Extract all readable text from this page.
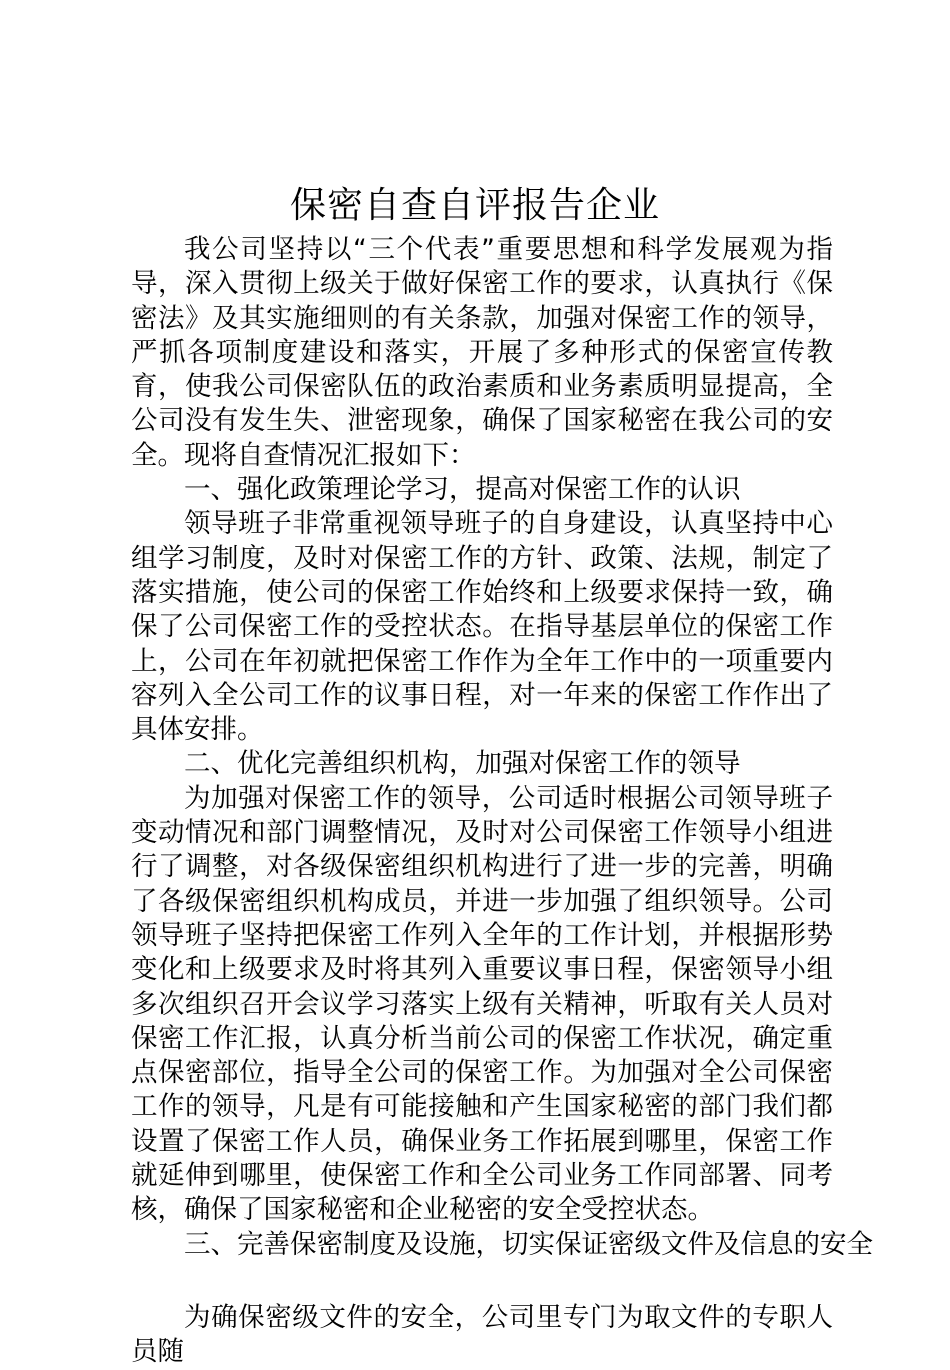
保密自查自评报告企业

我公司坚持以“三个代表”重要思想和科学发展观为指导，深入贯彻上级关于做好保密工作的要求，认真执行《保密法》及其实施细则的有关条款，加强对保密工作的领导，严抓各项制度建设和落实，开展了多种形式的保密宣传教育，使我公司保密队伍的政治素质和业务素质明显提高，全公司没有发生失、泄密现象，确保了国家秘密在我公司的安全。现将自查情况汇报如下：

一、强化政策理论学习，提高对保密工作的认识

领导班子非常重视领导班子的自身建设，认真坚持中心组学习制度，及时对保密工作的方针、政策、法规，制定了落实措施，使公司的保密工作始终和上级要求保持一致，确保了公司保密工作的受控状态。在指导基层单位的保密工作上，公司在年初就把保密工作作为全年工作中的一项重要内容列入全公司工作的议事日程，对一年来的保密工作作出了具体安排。

二、优化完善组织机构，加强对保密工作的领导

为加强对保密工作的领导，公司适时根据公司领导班子变动情况和部门调整情况，及时对公司保密工作领导小组进行了调整，对各级保密组织机构进行了进一步的完善，明确了各级保密组织机构成员，并进一步加强了组织领导。公司领导班子坚持把保密工作列入全年的工作计划，并根据形势变化和上级要求及时将其列入重要议事日程，保密领导小组多次组织召开会议学习落实上级有关精神，听取有关人员对保密工作汇报，认真分析当前公司的保密工作状况，确定重点保密部位，指导全公司的保密工作。为加强对全公司保密工作的领导，凡是有可能接触和产生国家秘密的部门我们都设置了保密工作人员，确保业务工作拓展到哪里，保密工作就延伸到哪里，使保密工作和全公司业务工作同部署、同考核，确保了国家秘密和企业秘密的安全受控状态。

三、完善保密制度及设施，切实保证密级文件及信息的安全

为确保密级文件的安全，公司里专门为取文件的专职人员随
